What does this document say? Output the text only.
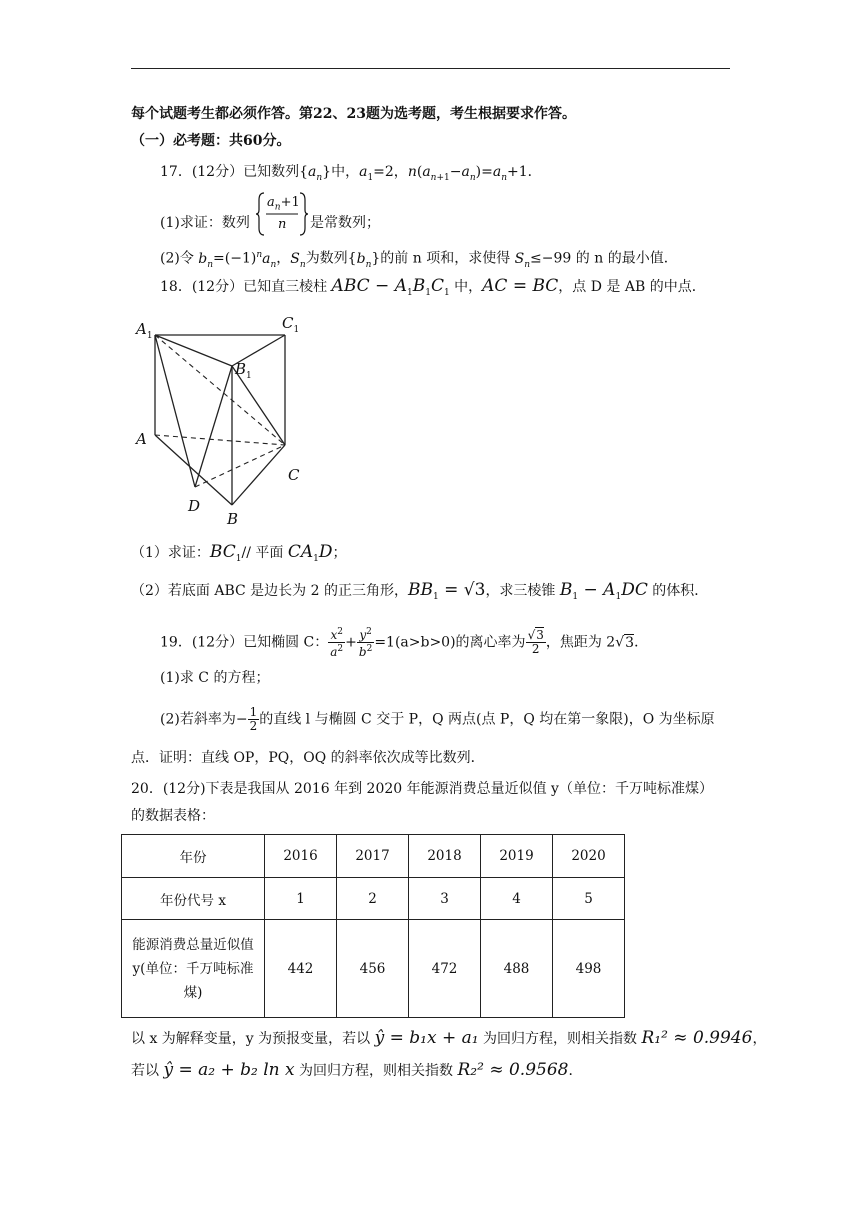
每个试题考生都必须作答。第22、23题为选考题，考生根据要求作答。
（一）必考题：共60分。
17．(12分）已知数列$\{a_n\}$中，$a_1=2$，$n(a_{n+1}-a_n)=a_n+1$．
(1)求证：数列
$a_n+1$
n 是常数列；
(2)令 $b_n=(-1)^na_n$，$S_n$为数列$\{b_n\}$的前 n 项和，求使得 $S_n\le-99$ 的 n 的最小值．
18．(12分）已知直三棱柱 ABC − $A_1B_1C_1$ 中，AC = BC，点 D 是 AB 的中点．
$A_1$
$C_1$
$B_1$
A
C
D
B
（1）求证：$BC_1//$ 平面 $CA_1D$；
（2）若底面 ABC 是边长为 2 的正三角形，$BB_1 = √3$，求三棱锥 $B_1 - A_1DC$ 的体积．
19．(12分）已知椭圆 C： $\frac{x^2}{a^2} + \frac{y^2}{b^2} =1(a>b>0)$的离心率为 $\frac{√3}{2}$ ，焦距为 2√3．
(1)求 C 的方程；
(2)若斜率为− $\frac{1}{2}$ 的直线 l 与椭圆 C 交于 P，Q 两点(点 P，Q 均在第一象限)，O 为坐标原
点．证明：直线 OP，PQ，OQ 的斜率依次成等比数列．
20．(12分)下表是我国从 2016 年到 2020 年能源消费总量近似值 y（单位：千万吨标准煤）
的数据表格：
年份	2016	2017	2018	2019	2020
年份代号 x	1	2	3	4	5
能源消费总量近似值 y(单位：千万吨标准煤)	442	456	472	488	498
以 x 为解释变量，y 为预报变量，若以 ŷ = b₁x + a₁ 为回归方程，则相关指数 R₁² ≈ 0.9946，
若以 ŷ = a₂ + b₂ ln x 为回归方程，则相关指数 R₂² ≈ 0.9568．
